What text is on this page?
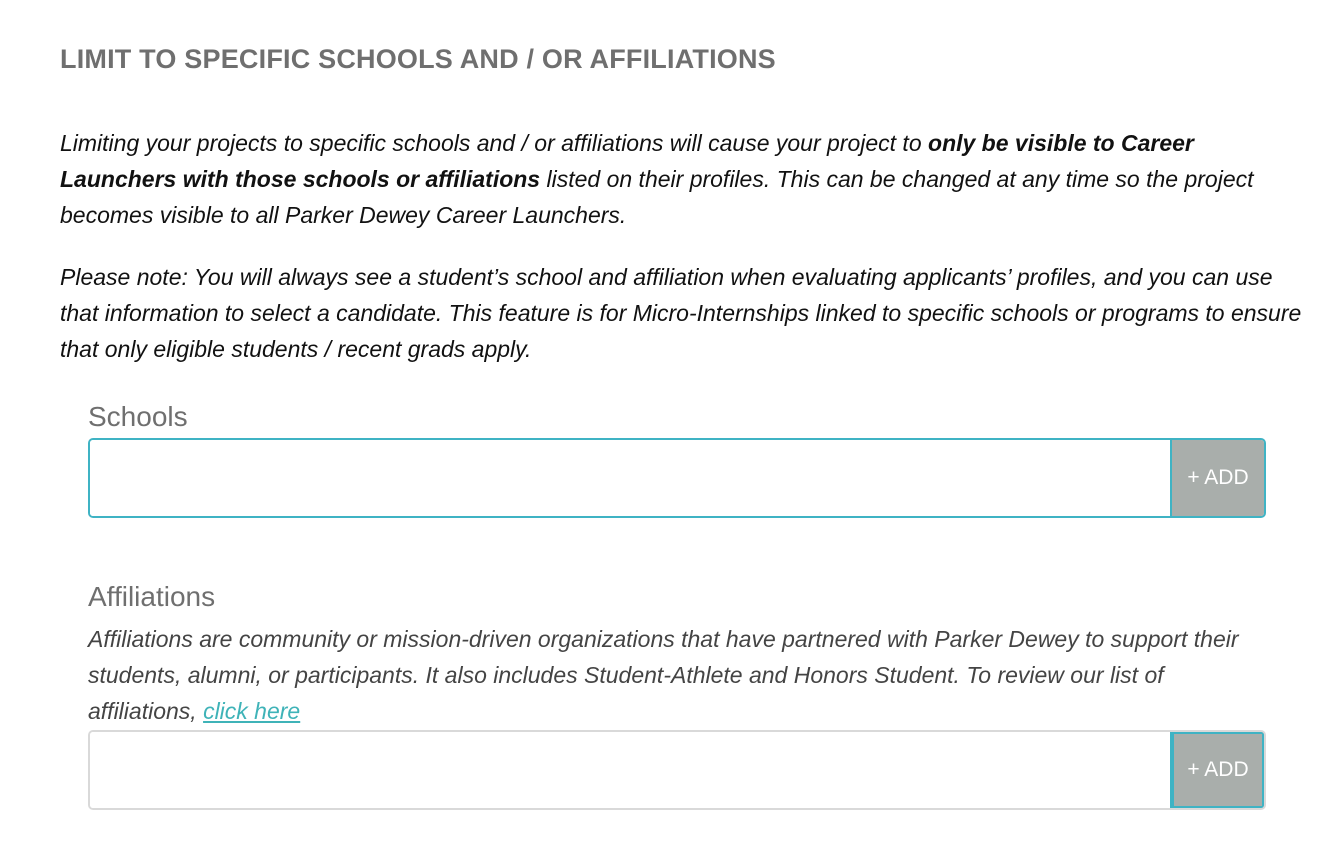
LIMIT TO SPECIFIC SCHOOLS AND / OR AFFILIATIONS

Limiting your projects to specific schools and / or affiliations will cause your project to only be visible to Career Launchers with those schools or affiliations listed on their profiles. This can be changed at any time so the project becomes visible to all Parker Dewey Career Launchers.

Please note: You will always see a student’s school and affiliation when evaluating applicants’ profiles, and you can use that information to select a candidate. This feature is for Micro-Internships linked to specific schools or programs to ensure that only eligible students / recent grads apply.

Schools
+ ADD
Affiliations

Affiliations are community or mission-driven organizations that have partnered with Parker Dewey to support their students, alumni, or participants. It also includes Student-Athlete and Honors Student. To review our list of affiliations, click here

+ ADD
